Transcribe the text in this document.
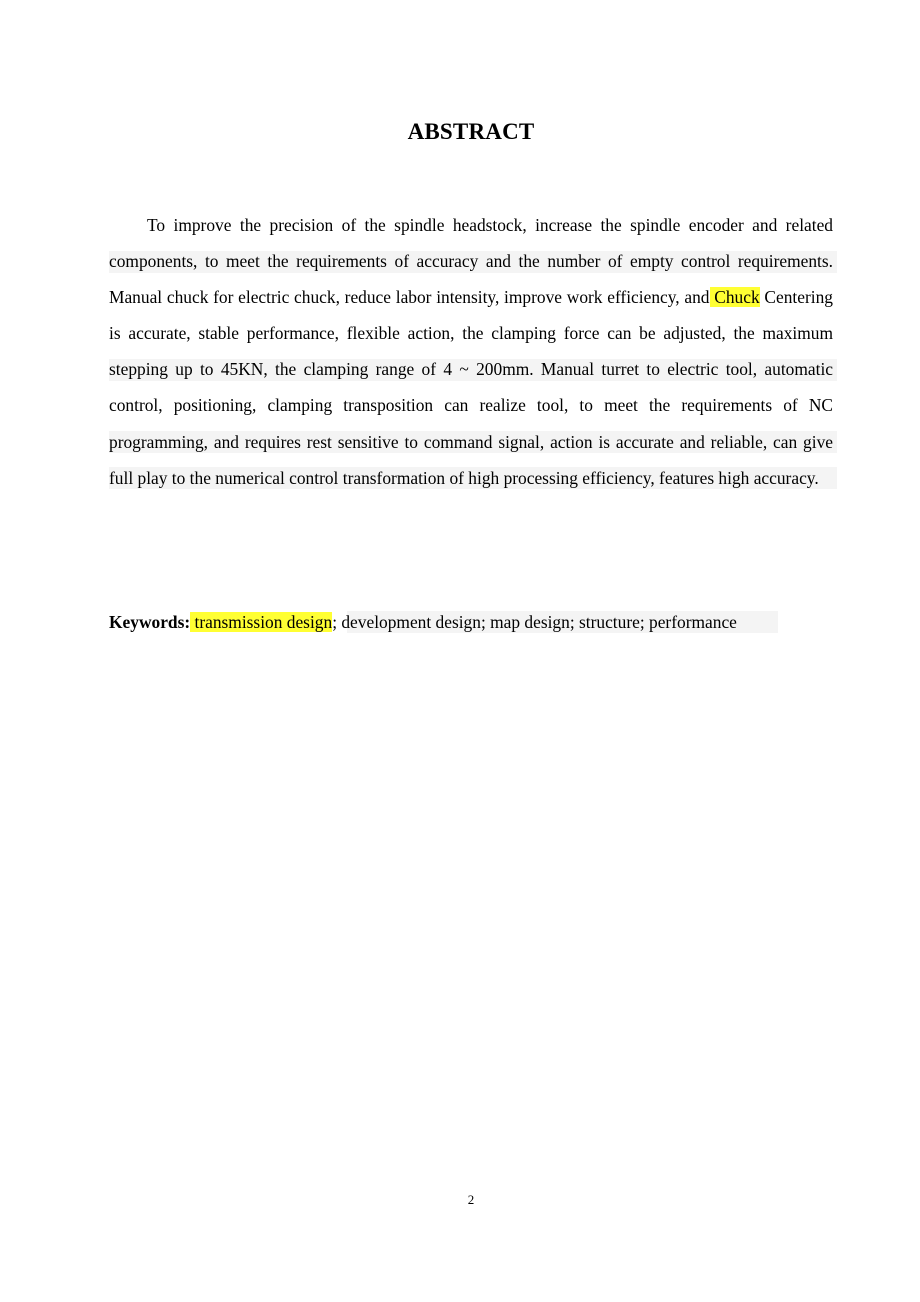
ABSTRACT

To improve the precision of the spindle headstock, increase the spindle encoder and related components, to meet the requirements of accuracy and the number of empty control requirements. Manual chuck for electric chuck, reduce labor intensity, improve work efficiency, and Chuck Centering is accurate, stable performance, flexible action, the clamping force can be adjusted, the maximum stepping up to 45KN, the clamping range of 4 ~ 200mm. Manual turret to electric tool, automatic control, positioning, clamping transposition can realize tool, to meet the requirements of NC programming, and requires rest sensitive to command signal, action is accurate and reliable, can give full play to the numerical control transformation of high processing efficiency, features high accuracy.

Keywords: transmission design; development design; map design; structure; performance
2
